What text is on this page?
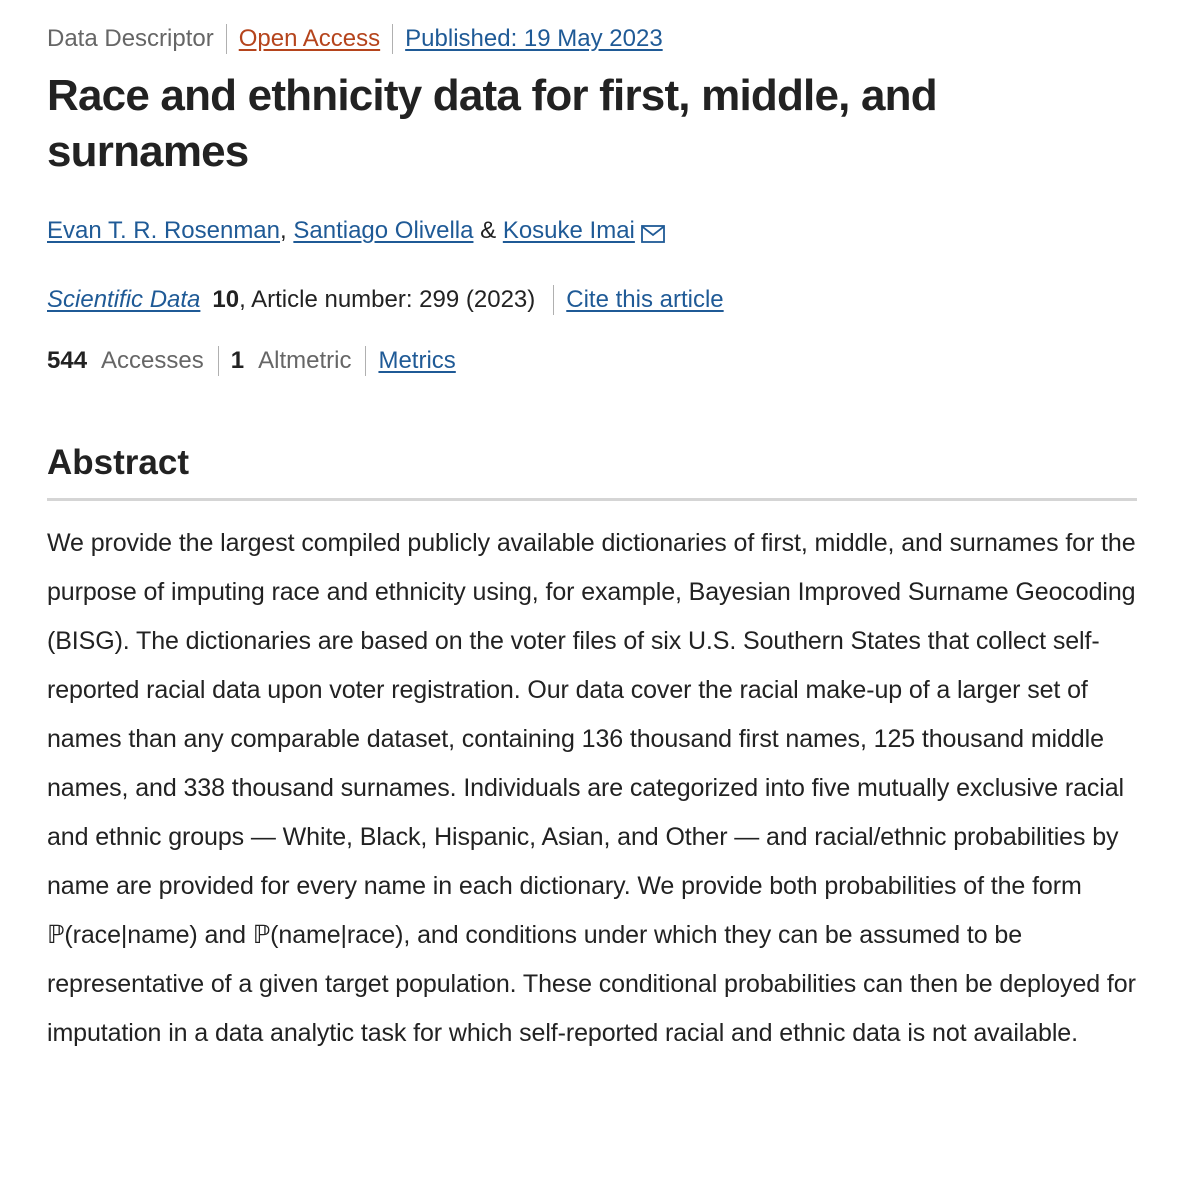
Data Descriptor Open Access Published: 19 May 2023
Race and ethnicity data for first, middle, and surnames
Evan T. R. Rosenman ,
Santiago Olivella & Kosuke Imai
Scientific Data 10 , Article number: 299 (2023) Cite this article
544 Accesses 1 Altmetric Metrics
Abstract

We provide the largest compiled publicly available dictionaries of first, middle, and surnames for the purpose of imputing race and ethnicity using, for example, Bayesian Improved Surname Geocoding (BISG). The dictionaries are based on the voter files of six U.S. Southern States that collect self-reported racial data upon voter registration. Our data cover the racial make-up of a larger set of names than any comparable dataset, containing 136 thousand first names, 125 thousand middle names, and 338 thousand surnames. Individuals are categorized into five mutually exclusive racial and ethnic groups — White, Black, Hispanic, Asian, and Other — and racial/ethnic probabilities by name are provided for every name in each dictionary. We provide both probabilities of the form ℙ(race|name) and ℙ(name|race), and conditions under which they can be assumed to be representative of a given target population. These conditional probabilities can then be deployed for imputation in a data analytic task for which self-reported racial and ethnic data is not available.
